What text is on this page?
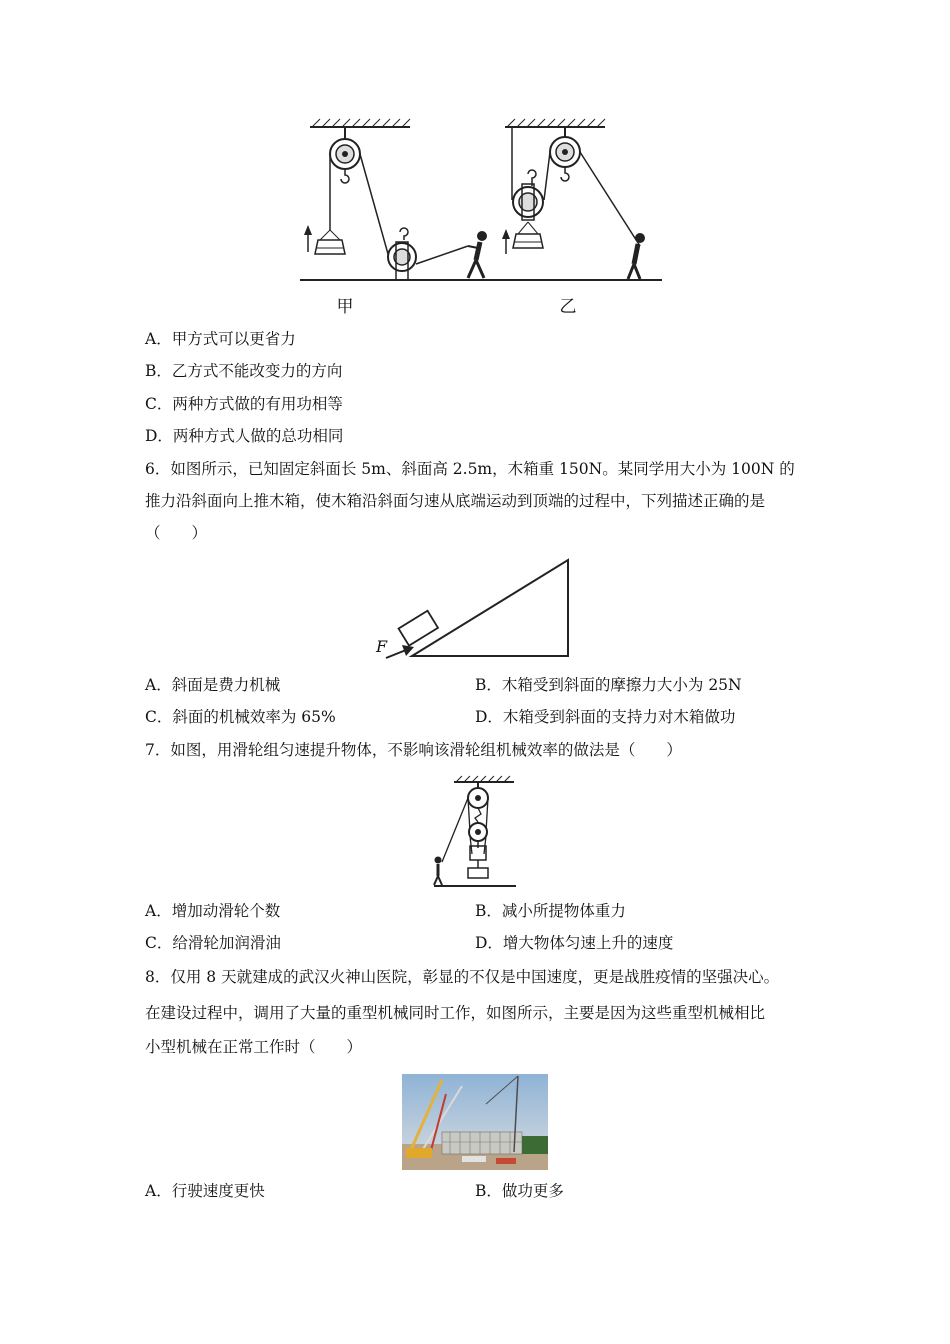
甲	乙
A．甲方式可以更省力
B．乙方式不能改变力的方向
C．两种方式做的有用功相等
D．两种方式人做的总功相同
6．如图所示，已知固定斜面长 5m、斜面高 2.5m，木箱重 150N。某同学用大小为 100N 的
推力沿斜面向上推木箱，使木箱沿斜面匀速从底端运动到顶端的过程中，下列描述正确的是
（　　）
F
A．斜面是费力机械	B．木箱受到斜面的摩擦力大小为 25N
C．斜面的机械效率为 65%	D．木箱受到斜面的支持力对木箱做功
7．如图，用滑轮组匀速提升物体，不影响该滑轮组机械效率的做法是（　　）
A．增加动滑轮个数	B．减小所提物体重力
C．给滑轮加润滑油	D．增大物体匀速上升的速度
8．仅用 8 天就建成的武汉火神山医院，彰显的不仅是中国速度，更是战胜疫情的坚强决心。
在建设过程中，调用了大量的重型机械同时工作，如图所示，主要是因为这些重型机械相比
小型机械在正常工作时（　　）
A．行驶速度更快	B．做功更多
